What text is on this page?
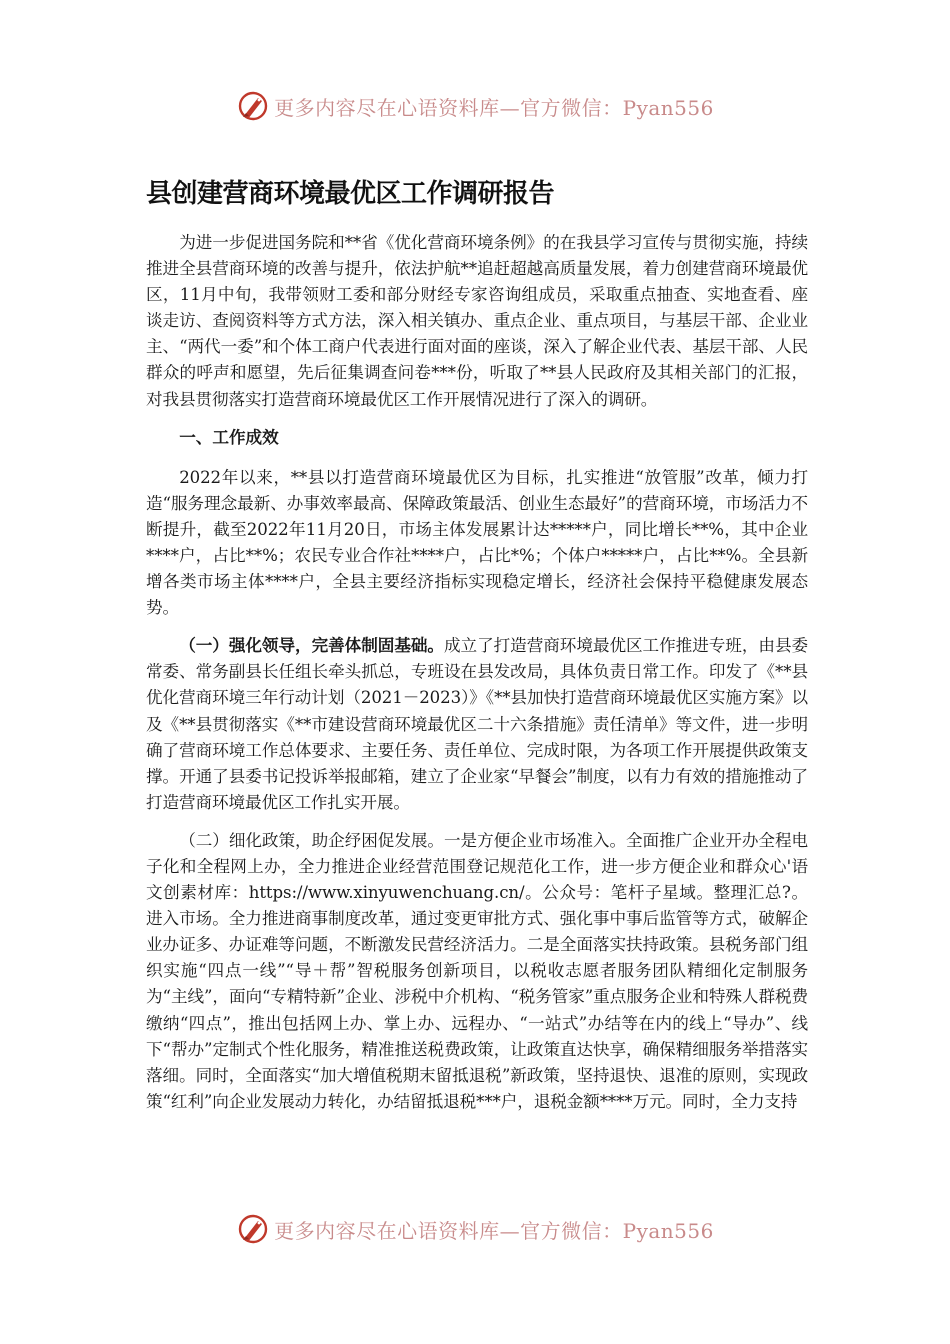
更多内容尽在心语资料库—官方微信：Pyan556
县创建营商环境最优区工作调研报告

为进一步促进国务院和**省《优化营商环境条例》的在我县学习宣传与贯彻实施，持续推进全县营商环境的改善与提升，依法护航**追赶超越高质量发展，着力创建营商环境最优区，11月中旬，我带领财工委和部分财经专家咨询组成员，采取重点抽查、实地查看、座谈走访、查阅资料等方式方法，深入相关镇办、重点企业、重点项目，与基层干部、企业业主、“两代一委”和个体工商户代表进行面对面的座谈，深入了解企业代表、基层干部、人民群众的呼声和愿望，先后征集调查问卷***份，听取了**县人民政府及其相关部门的汇报，对我县贯彻落实打造营商环境最优区工作开展情况进行了深入的调研。

一、工作成效

2022年以来，**县以打造营商环境最优区为目标，扎实推进“放管服”改革，倾力打造“服务理念最新、办事效率最高、保障政策最活、创业生态最好”的营商环境，市场活力不断提升，截至2022年11月20日，市场主体发展累计达*****户，同比增长**%，其中企业****户，占比**%；农民专业合作社****户，占比*%；个体户*****户，占比**%。全县新增各类市场主体****户，全县主要经济指标实现稳定增长，经济社会保持平稳健康发展态势。

（一）强化领导，完善体制固基础。成立了打造营商环境最优区工作推进专班，由县委常委、常务副县长任组长牵头抓总，专班设在县发改局，具体负责日常工作。印发了《**县优化营商环境三年行动计划（2021－2023）》《**县加快打造营商环境最优区实施方案》以及《**县贯彻落实《**市建设营商环境最优区二十六条措施》责任清单》等文件，进一步明确了营商环境工作总体要求、主要任务、责任单位、完成时限，为各项工作开展提供政策支撑。开通了县委书记投诉举报邮箱，建立了企业家“早餐会”制度，以有力有效的措施推动了打造营商环境最优区工作扎实开展。

（二）细化政策，助企纾困促发展。一是方便企业市场准入。全面推广企业开办全程电子化和全程网上办，全力推进企业经营范围登记规范化工作，进一步方便企业和群众心'语文创素材库：https://www.xinyuwenchuang.cn/。公众号：笔杆子星域。整理汇总?。进入市场。全力推进商事制度改革，通过变更审批方式、强化事中事后监管等方式，破解企业办证多、办证难等问题，不断激发民营经济活力。二是全面落实扶持政策。县税务部门组织实施“四点一线”“导＋帮”智税服务创新项目，以税收志愿者服务团队精细化定制服务为“主线”，面向“专精特新”企业、涉税中介机构、“税务管家”重点服务企业和特殊人群税费缴纳“四点”，推出包括网上办、掌上办、远程办、“一站式”办结等在内的线上“导办”、线下“帮办”定制式个性化服务，精准推送税费政策，让政策直达快享，确保精细服务举措落实落细。同时，全面落实“加大增值税期末留抵退税”新政策，坚持退快、退准的原则，实现政策“红利”向企业发展动力转化，办结留抵退税***户，退税金额****万元。同时，全力支持

更多内容尽在心语资料库—官方微信：Pyan556
